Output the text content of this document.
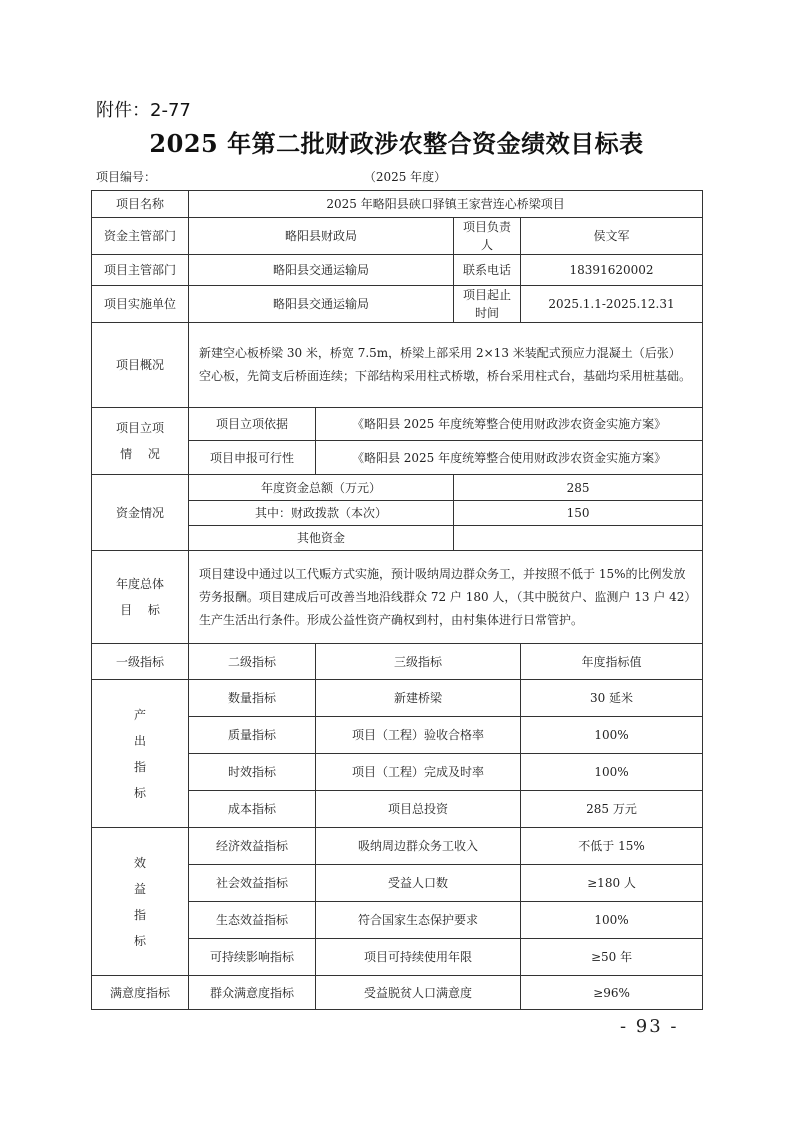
附件：2-77
2025 年第二批财政涉农整合资金绩效目标表
项目编号：	（2025 年度）
项目名称	2025 年略阳县硖口驿镇王家营连心桥梁项目			
资金主管部门	略阳县财政局		项目负责人	侯文军
项目主管部门	略阳县交通运输局		联系电话	18391620002
项目实施单位	略阳县交通运输局		项目起止时间	2025.1.1-2025.12.31
项目概况	新建空心板桥梁 30 米，桥宽 7.5m，桥梁上部采用 2×13 米装配式预应力混凝土（后张）空心板，先简支后桥面连续；下部结构采用柱式桥墩，桥台采用柱式台，基础均采用桩基础。			

项目立项
情　 况	项目立项依据	《略阳县 2025 年度统筹整合使用财政涉农资金实施方案》		
	项目申报可行性	《略阳县 2025 年度统筹整合使用财政涉农资金实施方案》		
资金情况	年度资金总额（万元）		285	
	其中：财政拨款（本次）		150	
	其他资金			

年度总体
目　 标	项目建设中通过以工代赈方式实施，预计吸纳周边群众务工，并按照不低于 15%的比例发放劳务报酬。项目建成后可改善当地沿线群众 72 户 180 人，（其中脱贫户、监测户 13 户 42）生产生活出行条件。形成公益性资产确权到村，由村集体进行日常管护。			
一级指标	二级指标	三级指标		年度指标值

产
出
指
标	数量指标	新建桥梁		30 延米
	质量指标	项目（工程）验收合格率		100%
	时效指标	项目（工程）完成及时率		100%
	成本指标	项目总投资		285 万元

效
益
指
标	经济效益指标	吸纳周边群众务工收入		不低于 15%
	社会效益指标	受益人口数		≥180 人
	生态效益指标	符合国家生态保护要求		100%
	可持续影响指标	项目可持续使用年限		≥50 年
满意度指标	群众满意度指标	受益脱贫人口满意度		≥96%
- 93 -
